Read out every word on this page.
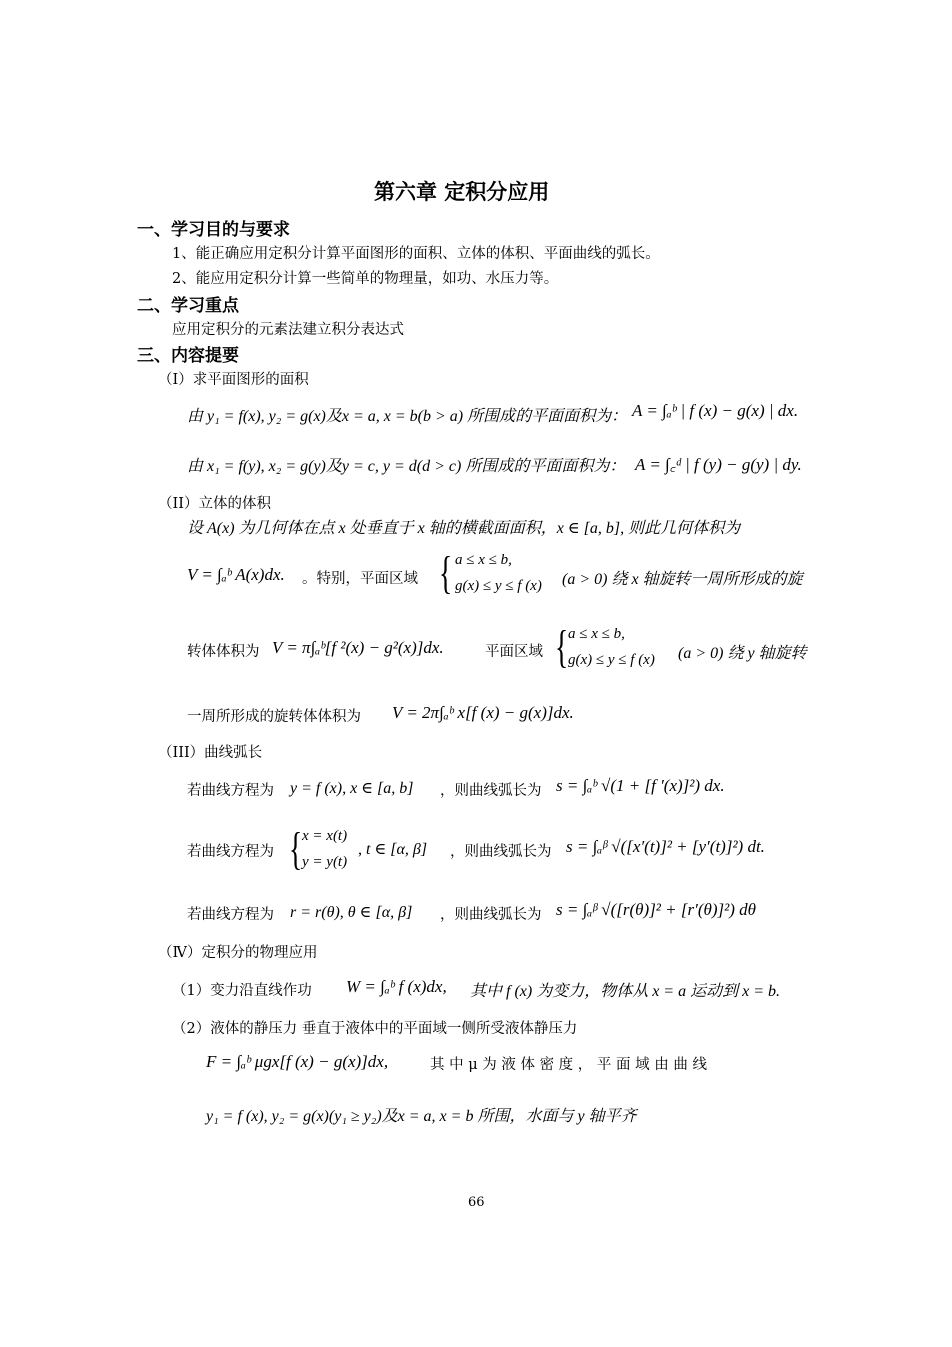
第六章 定积分应用
一、学习目的与要求
1、能正确应用定积分计算平面图形的面积、立体的体积、平面曲线的弧长。
2、能应用定积分计算一些简单的物理量，如功、水压力等。
二、学习重点
应用定积分的元素法建立积分表达式
三、内容提要
（I）求平面图形的面积
由 y₁ = f(x), y₂ = g(x)及x = a, x = b(b > a) 所围成的平面面积为： A = ∫ₐᵇ | f (x) − g(x) | dx.
由 x₁ = f(y), x₂ = g(y)及y = c, y = d(d > c) 所围成的平面面积为： A = ∫꜀ᵈ | f (y) − g(y) | dy.
（II）立体的体积
设 A(x) 为几何体在点 x 处垂直于 x 轴的横截面面积，x ∈ [a, b], 则此几何体积为
V = ∫ₐᵇ A(x)dx. 。特别，平面区域 { a ≤ x ≤ b,
g(x) ≤ y ≤ f (x) (a > 0) 绕 x 轴旋转一周所形成的旋
转体体积为 V = π∫ₐᵇ[f ²(x) − g²(x)]dx.	平面区域 { a ≤ x ≤ b,
g(x) ≤ y ≤ f (x) (a > 0) 绕 y 轴旋转
一周所形成的旋转体体积为 V = 2π∫ₐᵇ x[f (x) − g(x)]dx.
（III）曲线弧长
若曲线方程为 y = f (x), x ∈ [a, b] ，则曲线弧长为 s = ∫ₐᵇ √(1 + [f ′(x)]²) dx.
若曲线方程为 { x = x(t)
y = y(t)
, t ∈ [α, β] ，则曲线弧长为 s = ∫ₐᵝ √([x′(t)]² + [y′(t)]²) dt.
若曲线方程为 r = r(θ), θ ∈ [α, β] ，则曲线弧长为 s = ∫ₐᵝ √([r(θ)]² + [r′(θ)]²) dθ
（Ⅳ）定积分的物理应用
（1）变力沿直线作功 W = ∫ₐᵇ f (x)dx, 其中 f (x) 为变力，物体从 x = a 运动到 x = b.
（2）液体的静压力 垂直于液体中的平面域一侧所受液体静压力
F = ∫ₐᵇ μgx[f (x) − g(x)]dx,	其 中 μ 为 液 体 密 度 ， 平 面 域 由 曲 线
y₁ = f (x), y₂ = g(x)(y₁ ≥ y₂)及x = a, x = b 所围，水面与 y 轴平齐
66
